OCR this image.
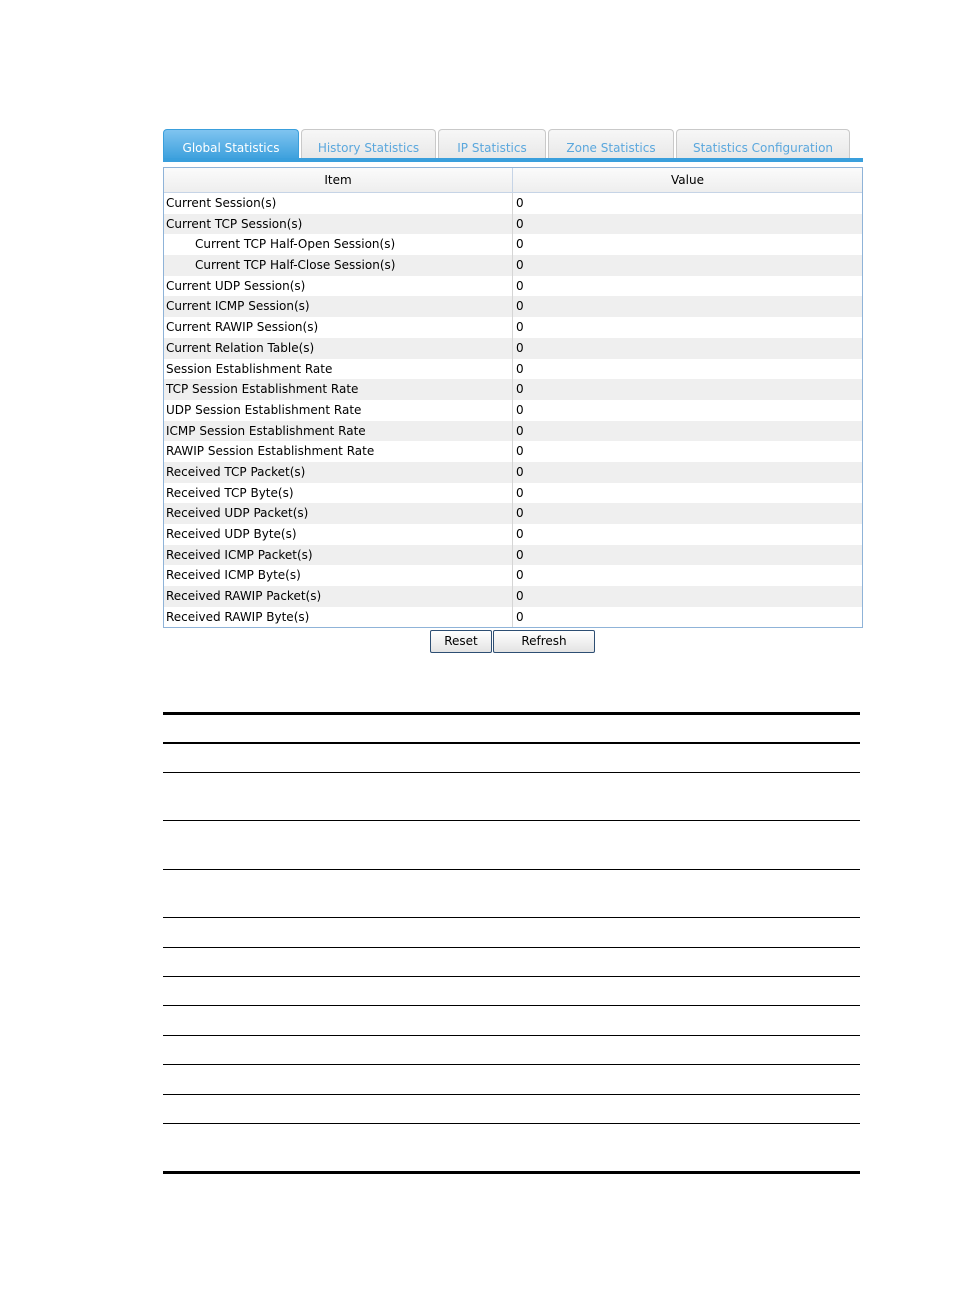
Global Statistics	History Statistics	IP Statistics	Zone Statistics	Statistics Configuration
Item	Value
Current Session(s)	0
Current TCP Session(s)	0
Current TCP Half-Open Session(s)	0
Current TCP Half-Close Session(s)	0
Current UDP Session(s)	0
Current ICMP Session(s)	0
Current RAWIP Session(s)	0
Current Relation Table(s)	0
Session Establishment Rate	0
TCP Session Establishment Rate	0
UDP Session Establishment Rate	0
ICMP Session Establishment Rate	0
RAWIP Session Establishment Rate	0
Received TCP Packet(s)	0
Received TCP Byte(s)	0
Received UDP Packet(s)	0
Received UDP Byte(s)	0
Received ICMP Packet(s)	0
Received ICMP Byte(s)	0
Received RAWIP Packet(s)	0
Received RAWIP Byte(s)	0
Reset	Refresh
